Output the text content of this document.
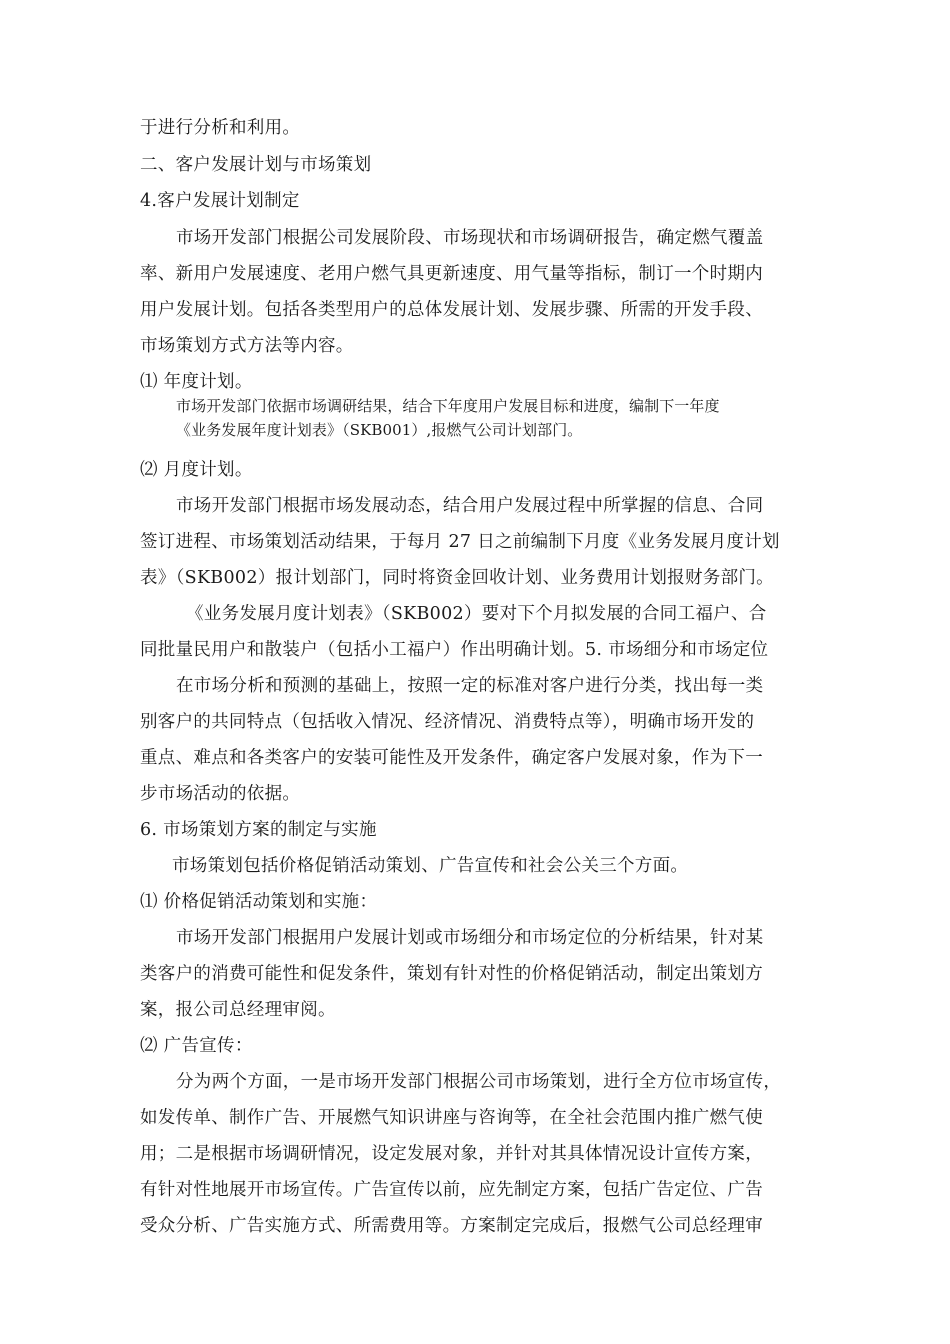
于进行分析和利用。
二、客户发展计划与市场策划
4.客户发展计划制定
市场开发部门根据公司发展阶段、市场现状和市场调研报告，确定燃气覆盖
率、新用户发展速度、老用户燃气具更新速度、用气量等指标，制订一个时期内
用户发展计划。包括各类型用户的总体发展计划、发展步骤、所需的开发手段、
市场策划方式方法等内容。
⑴ 年度计划。
市场开发部门依据市场调研结果，结合下年度用户发展目标和进度，编制下一年度
《业务发展年度计划表》（SKB001）,报燃气公司计划部门。
⑵ 月度计划。
市场开发部门根据市场发展动态，结合用户发展过程中所掌握的信息、合同
签订进程、市场策划活动结果，于每月 27 日之前编制下月度《业务发展月度计划
表》（SKB002）报计划部门，同时将资金回收计划、业务费用计划报财务部门。
《业务发展月度计划表》（SKB002）要对下个月拟发展的合同工福户、合
同批量民用户和散装户（包括小工福户）作出明确计划。5. 市场细分和市场定位
在市场分析和预测的基础上，按照一定的标准对客户进行分类，找出每一类
别客户的共同特点（包括收入情况、经济情况、消费特点等），明确市场开发的
重点、难点和各类客户的安装可能性及开发条件，确定客户发展对象，作为下一
步市场活动的依据。
6. 市场策划方案的制定与实施
市场策划包括价格促销活动策划、广告宣传和社会公关三个方面。
⑴ 价格促销活动策划和实施：
市场开发部门根据用户发展计划或市场细分和市场定位的分析结果，针对某
类客户的消费可能性和促发条件，策划有针对性的价格促销活动，制定出策划方
案，报公司总经理审阅。
⑵ 广告宣传：
分为两个方面，一是市场开发部门根据公司市场策划，进行全方位市场宣传，
如发传单、制作广告、开展燃气知识讲座与咨询等，在全社会范围内推广燃气使
用；二是根据市场调研情况，设定发展对象，并针对其具体情况设计宣传方案，
有针对性地展开市场宣传。广告宣传以前，应先制定方案，包括广告定位、广告
受众分析、广告实施方式、所需费用等。方案制定完成后，报燃气公司总经理审
